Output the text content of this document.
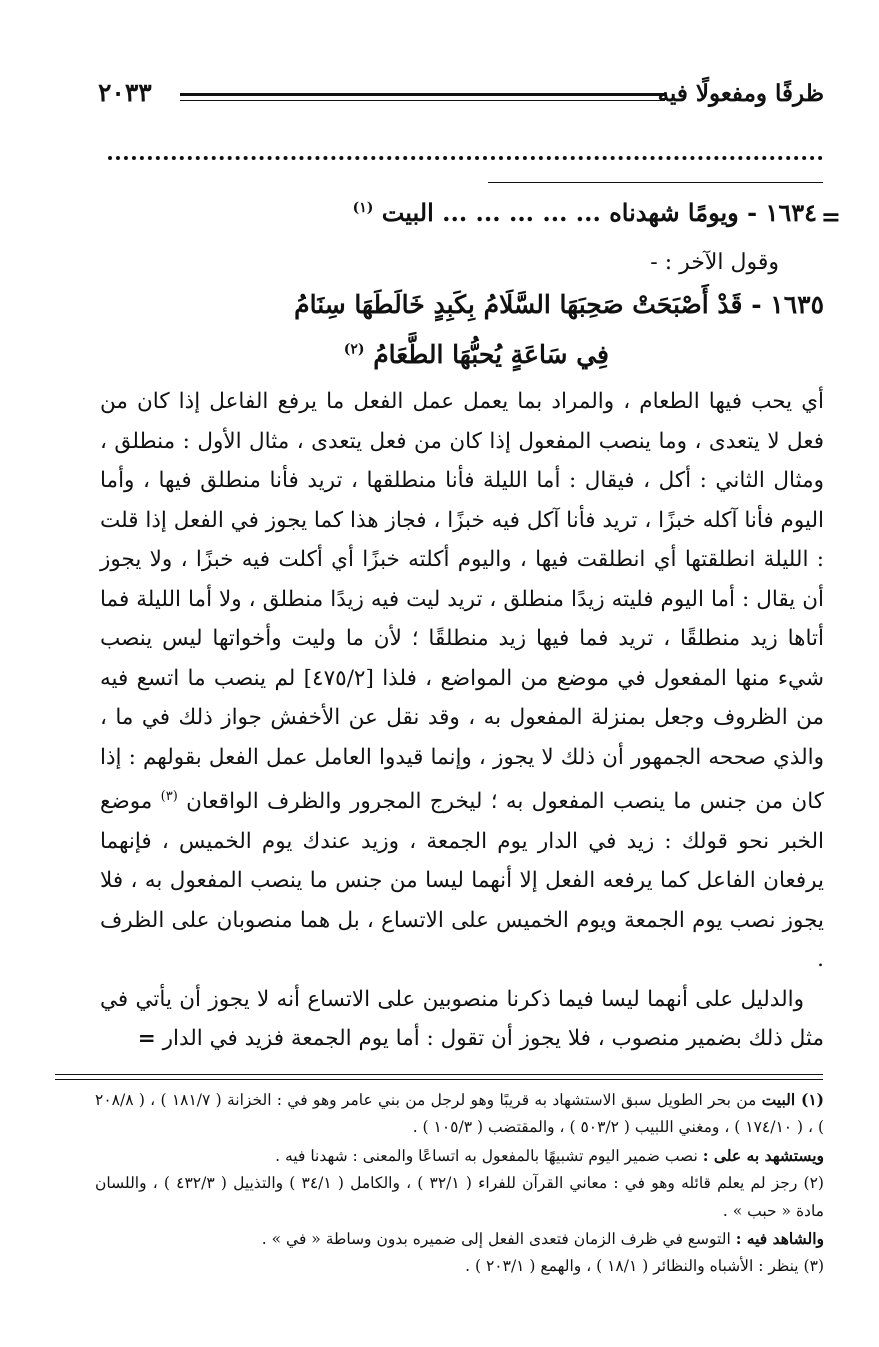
ظرفًا ومفعولًا فيه
٢٠٣٣
=
١٦٣٤ - ويومًا شهدناه ... ... ... ... ... البيت $^{(١)}$
وقول الآخر : -
١٦٣٥ - قَدْ أَصْبَحَتْ صَحِبَهَا السَّلَامُ بِكَبِدٍ خَالَطَهَا سِنَامُ
فِي سَاعَةٍ يُحبُّهَا الطَّعَامُ $^{(٢)}$

أي يحب فيها الطعام ، والمراد بما يعمل عمل الفعل ما يرفع الفاعل إذا كان من فعل لا يتعدى ، وما ينصب المفعول إذا كان من فعل يتعدى ، مثال الأول : منطلق ، ومثال الثاني : أكل ، فيقال : أما الليلة فأنا منطلقها ، تريد فأنا منطلق فيها ، وأما اليوم فأنا آكله خبزًا ، تريد فأنا آكل فيه خبزًا ، فجاز هذا كما يجوز في الفعل إذا قلت : الليلة انطلقتها أي انطلقت فيها ، واليوم أكلته خبزًا أي أكلت فيه خبزًا ، ولا يجوز أن يقال : أما اليوم فليته زيدًا منطلق ، تريد ليت فيه زيدًا منطلق ، ولا أما الليلة فما أتاها زيد منطلقًا ، تريد فما فيها زيد منطلقًا ؛ لأن ما وليت وأخواتها ليس ينصب شيء منها المفعول في موضع من المواضع ، فلذا [٤٧٥/٢] لم ينصب ما اتسع فيه من الظروف وجعل بمنزلة المفعول به ، وقد نقل عن الأخفش جواز ذلك في ما ، والذي صححه الجمهور أن ذلك لا يجوز ، وإنما قيدوا العامل عمل الفعل بقولهم : إذا كان من جنس ما ينصب المفعول به ؛ ليخرج المجرور والظرف الواقعان $^{(٣)}$ موضع الخبر نحو قولك : زيد في الدار يوم الجمعة ، وزيد عندك يوم الخميس ، فإنهما يرفعان الفاعل كما يرفعه الفعل إلا أنهما ليسا من جنس ما ينصب المفعول به ، فلا يجوز نصب يوم الجمعة ويوم الخميس على الاتساع ، بل هما منصوبان على الظرف .

والدليل على أنهما ليسا فيما ذكرنا منصوبين على الاتساع أنه لا يجوز أن يأتي في مثل ذلك بضمير منصوب ، فلا يجوز أن تقول : أما يوم الجمعة فزيد في الدار =

(١) البيت من بحر الطويل سبق الاستشهاد به قريبًا وهو لرجل من بني عامر وهو في : الخزانة ( ١٨١/٧ ) ، ( ٢٠٨/٨ ) ، ( ١٧٤/١٠ ) ، ومغني اللبيب ( ٥٠٣/٢ ) ، والمقتضب ( ١٠٥/٣ ) .
ويستشهد به على : نصب ضمير اليوم تشبيهًا بالمفعول به اتساعًا والمعنى : شهدنا فيه .
(٢) رجز لم يعلم قائله وهو في : معاني القرآن للفراء ( ٣٢/١ ) ، والكامل ( ٣٤/١ ) والتذييل ( ٤٣٢/٣ ) ، واللسان مادة « حبب » .
والشاهد فيه : التوسع في ظرف الزمان فتعدى الفعل إلى ضميره بدون وساطة « في » .
(٣) ينظر : الأشباه والنظائر ( ١٨/١ ) ، والهمع ( ٢٠٣/١ ) .
